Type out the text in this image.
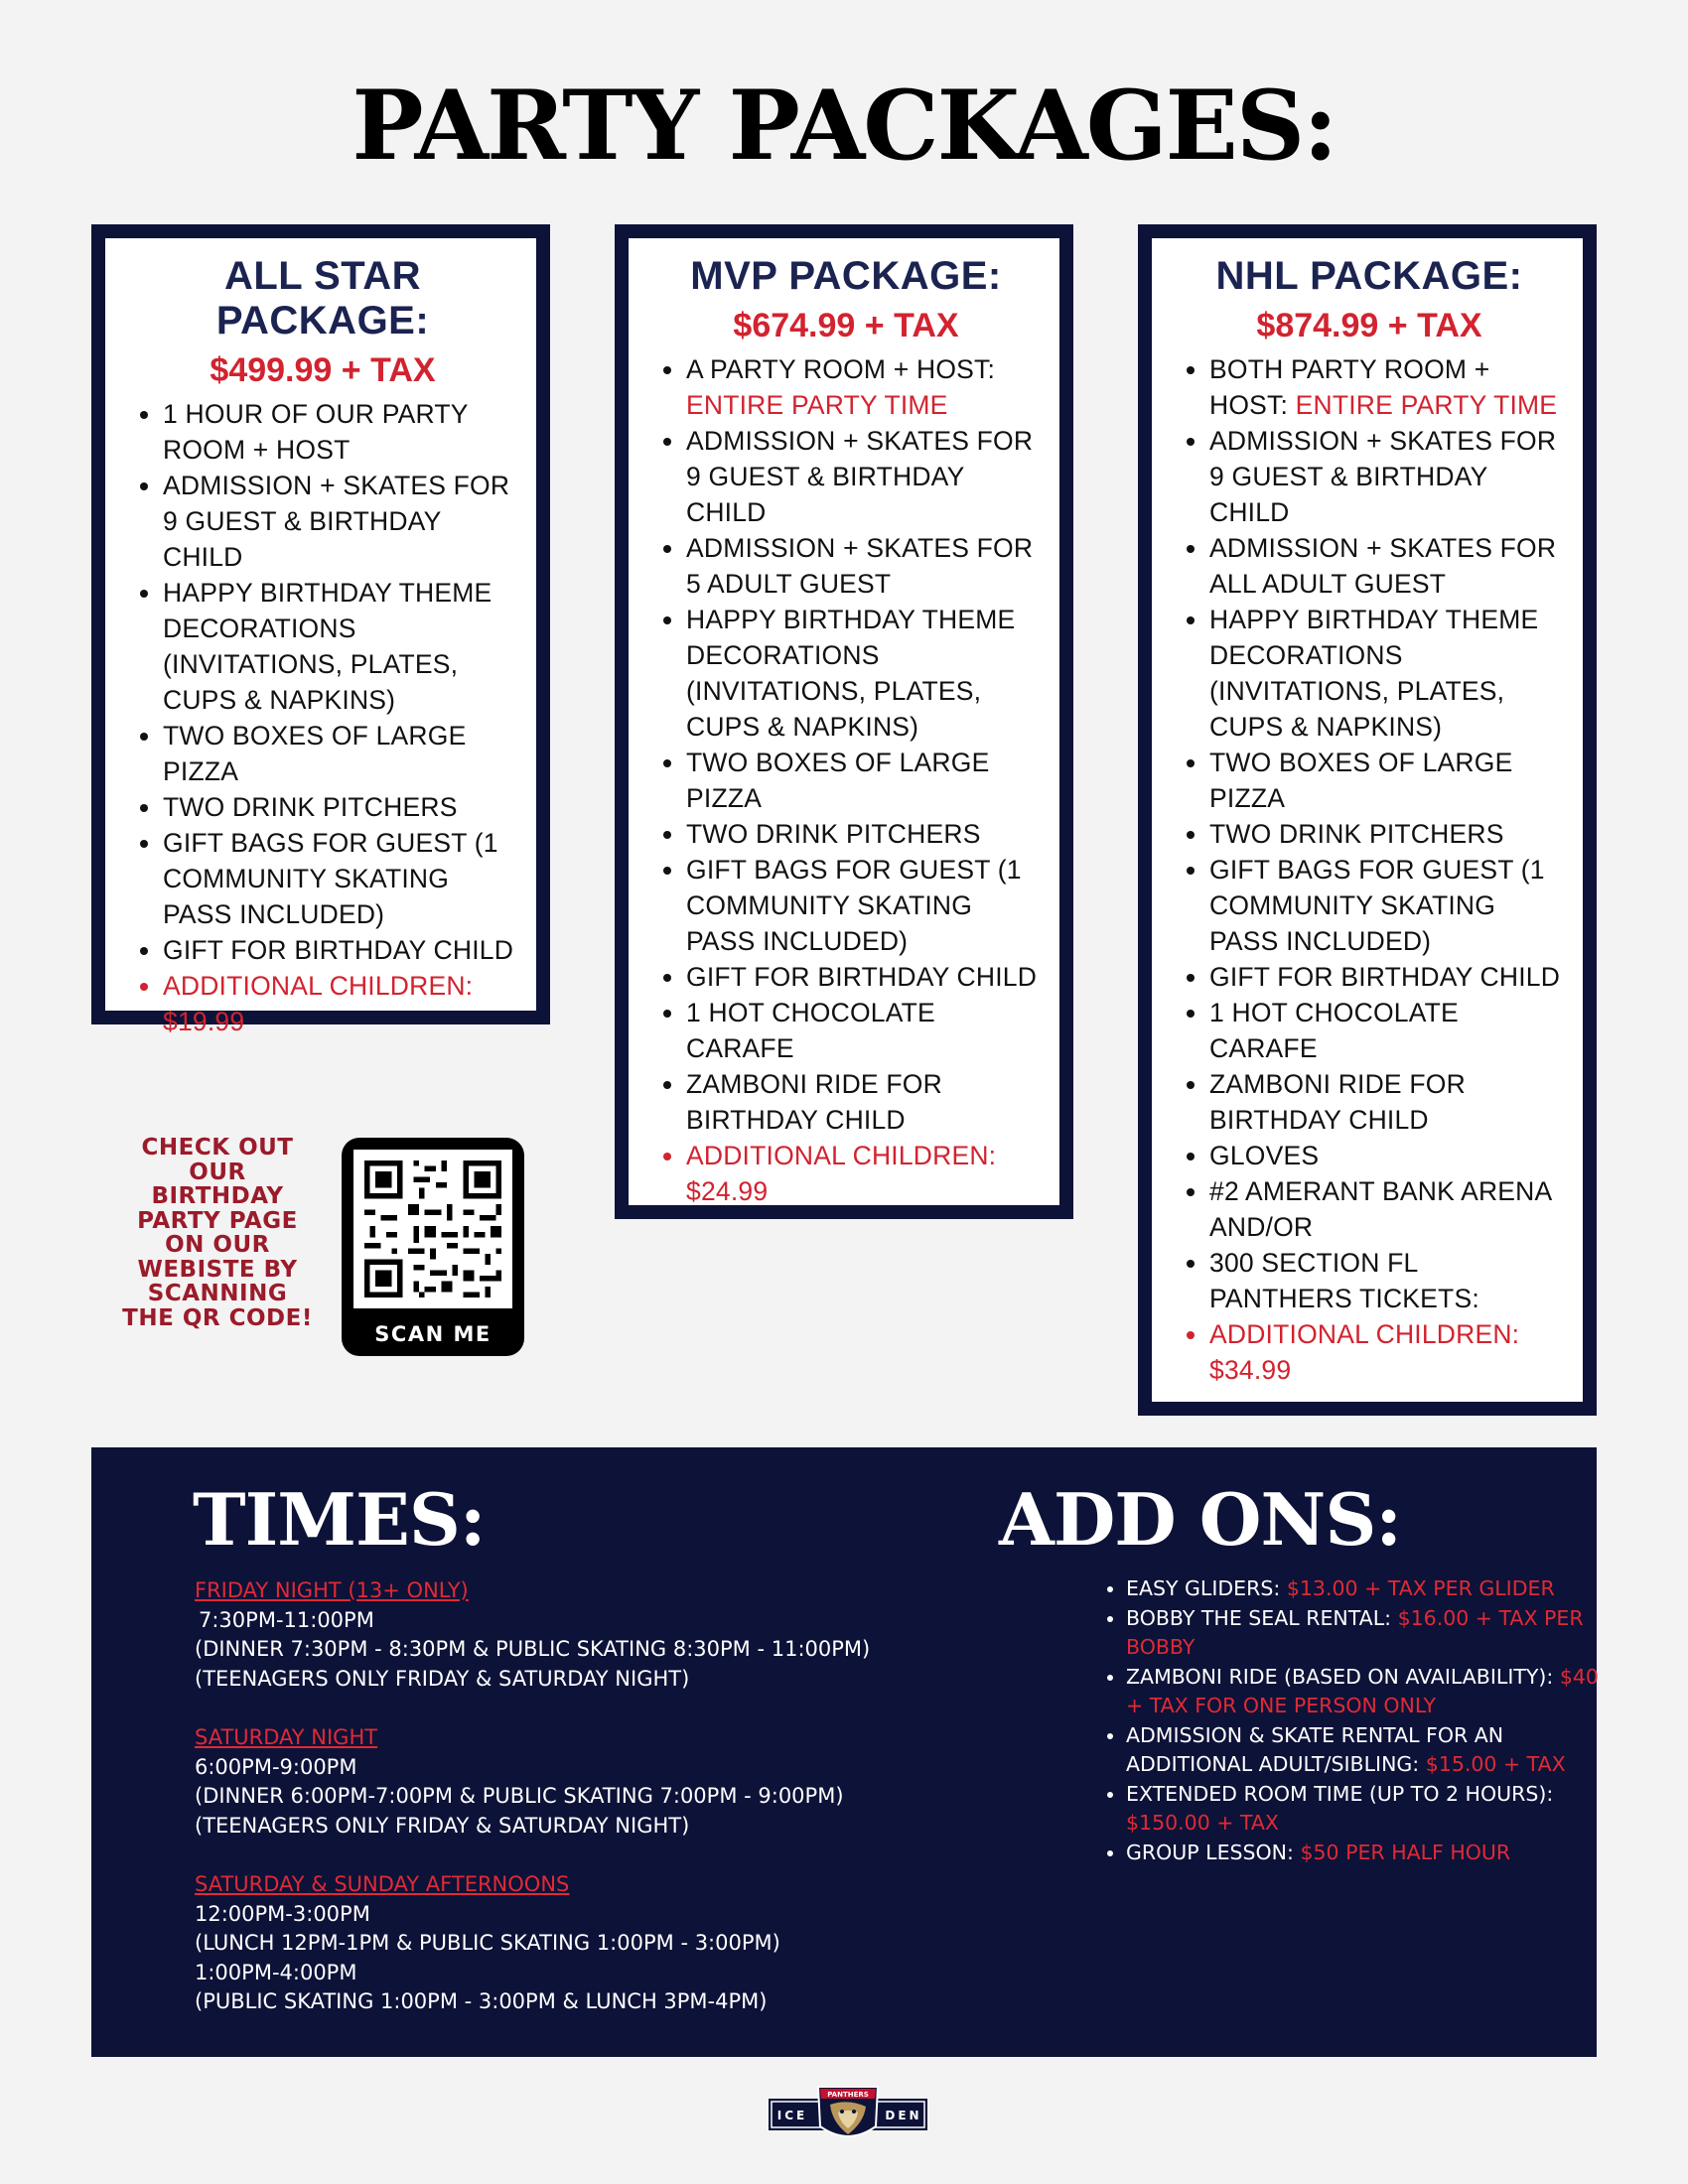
PARTY PACKAGES:
ALL STAR PACKAGE:
$499.99 + TAX
• 1 HOUR OF OUR PARTY ROOM + HOST
• ADMISSION + SKATES FOR 9 GUEST & BIRTHDAY CHILD
• HAPPY BIRTHDAY THEME DECORATIONS (INVITATIONS, PLATES, CUPS & NAPKINS)
• TWO BOXES OF LARGE PIZZA
• TWO DRINK PITCHERS
• GIFT BAGS FOR GUEST (1 COMMUNITY SKATING PASS INCLUDED)
• GIFT FOR BIRTHDAY CHILD
• ADDITIONAL CHILDREN:
$19.99
MVP PACKAGE:
$674.99 + TAX
• A PARTY ROOM + HOST: ENTIRE PARTY TIME
• ADMISSION + SKATES FOR 9 GUEST & BIRTHDAY CHILD
• ADMISSION + SKATES FOR 5 ADULT GUEST
• HAPPY BIRTHDAY THEME DECORATIONS (INVITATIONS, PLATES, CUPS & NAPKINS)
• TWO BOXES OF LARGE PIZZA
• TWO DRINK PITCHERS
• GIFT BAGS FOR GUEST (1 COMMUNITY SKATING PASS INCLUDED)
• GIFT FOR BIRTHDAY CHILD
• 1 HOT CHOCOLATE CARAFE
• ZAMBONI RIDE FOR BIRTHDAY CHILD
• ADDITIONAL CHILDREN:
$24.99
NHL PACKAGE:
$874.99 + TAX
• BOTH PARTY ROOM + HOST: ENTIRE PARTY TIME
• ADMISSION + SKATES FOR 9 GUEST & BIRTHDAY CHILD
• ADMISSION + SKATES FOR ALL ADULT GUEST
• HAPPY BIRTHDAY THEME DECORATIONS (INVITATIONS, PLATES, CUPS & NAPKINS)
• TWO BOXES OF LARGE PIZZA
• TWO DRINK PITCHERS
• GIFT BAGS FOR GUEST (1 COMMUNITY SKATING PASS INCLUDED)
• GIFT FOR BIRTHDAY CHILD
• 1 HOT CHOCOLATE CARAFE
• ZAMBONI RIDE FOR BIRTHDAY CHILD
• GLOVES
• #2 AMERANT BANK ARENA AND/OR
• 300 SECTION FL PANTHERS TICKETS:
• ADDITIONAL CHILDREN:
$34.99
CHECK OUT OUR BIRTHDAY PARTY PAGE ON OUR WEBISTE BY SCANNING THE QR CODE!
SCAN ME
TIMES:	ADD ONS:
FRIDAY NIGHT (13+ ONLY)
7:30PM-11:00PM
(DINNER 7:30PM - 8:30PM & PUBLIC SKATING 8:30PM - 11:00PM)
(TEENAGERS ONLY FRIDAY & SATURDAY NIGHT)
SATURDAY NIGHT
6:00PM-9:00PM
(DINNER 6:00PM-7:00PM & PUBLIC SKATING 7:00PM - 9:00PM)
(TEENAGERS ONLY FRIDAY & SATURDAY NIGHT)
SATURDAY & SUNDAY AFTERNOONS
12:00PM-3:00PM
(LUNCH 12PM-1PM & PUBLIC SKATING 1:00PM - 3:00PM)
1:00PM-4:00PM
(PUBLIC SKATING 1:00PM - 3:00PM & LUNCH 3PM-4PM)
• EASY GLIDERS: $13.00 + TAX PER GLIDER
• BOBBY THE SEAL RENTAL: $16.00 + TAX PER BOBBY
• ZAMBONI RIDE (BASED ON AVAILABILITY): $40 + TAX FOR ONE PERSON ONLY
• ADMISSION & SKATE RENTAL FOR AN ADDITIONAL ADULT/SIBLING: $15.00 + TAX
• EXTENDED ROOM TIME (UP TO 2 HOURS): $150.00 + TAX
• GROUP LESSON: $50 PER HALF HOUR
ICE	DEN
PANTHERS
